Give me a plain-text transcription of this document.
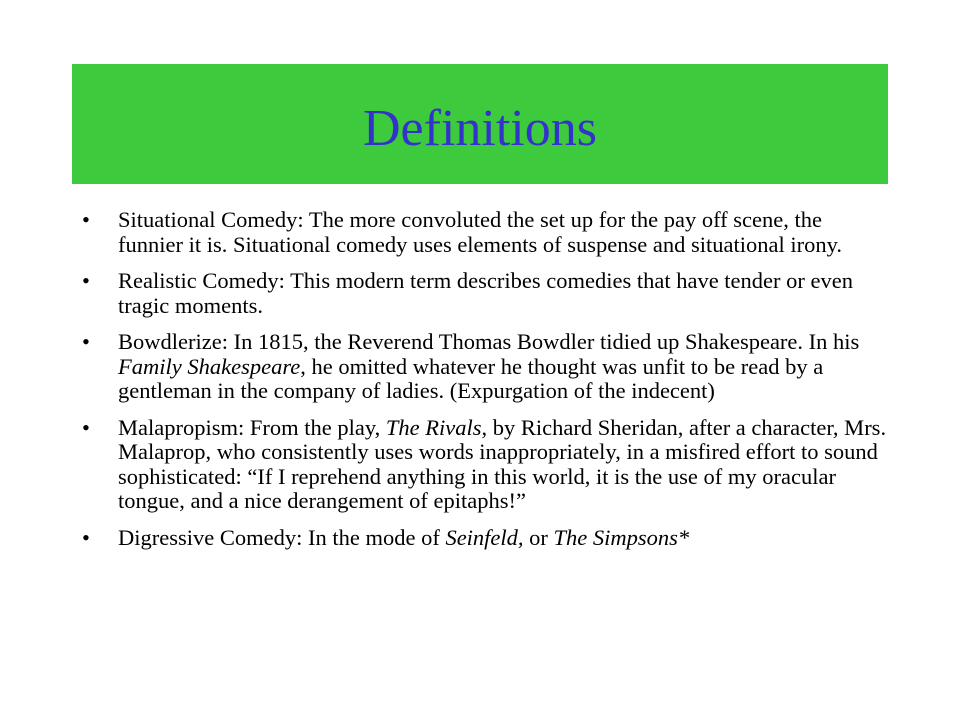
Definitions
• Situational Comedy: The more convoluted the set up for the pay off scene, the funnier it is. Situational comedy uses elements of suspense and situational irony.
• Realistic Comedy: This modern term describes comedies that have tender or even tragic moments.
• Bowdlerize: In 1815, the Reverend Thomas Bowdler tidied up Shakespeare. In his Family Shakespeare, he omitted whatever he thought was unfit to be read by a gentleman in the company of ladies. (Expurgation of the indecent)
• Malapropism: From the play, The Rivals, by Richard Sheridan, after a character, Mrs. Malaprop, who consistently uses words inappropriately, in a misfired effort to sound sophisticated: “If I reprehend anything in this world, it is the use of my oracular tongue, and a nice derangement of epitaphs!”
• Digressive Comedy: In the mode of Seinfeld, or The Simpsons*
